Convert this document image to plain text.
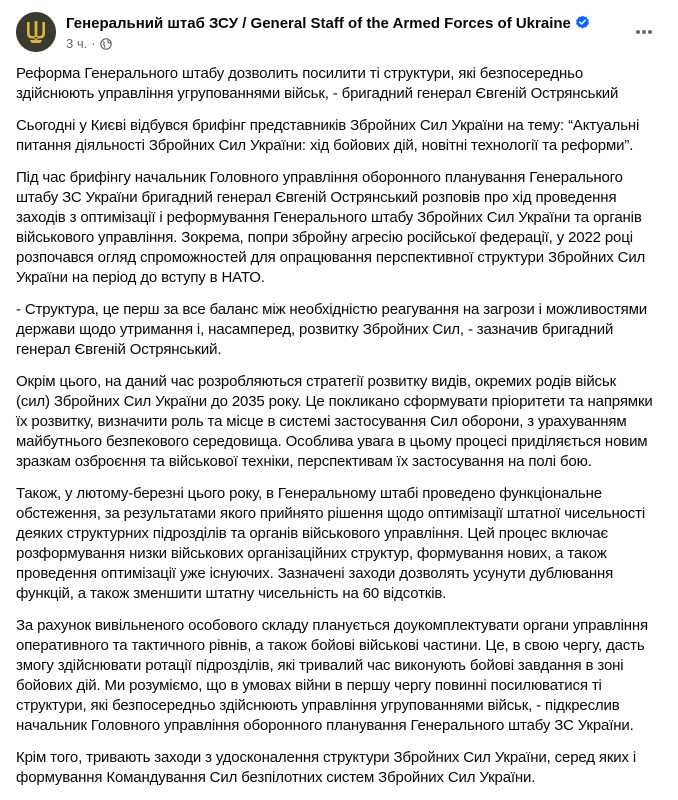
Генеральний штаб ЗСУ / General Staff of the Armed Forces of Ukraine
3 ч. ·

Реформа Генерального штабу дозволить посилити ті структури, які безпосередньо
здійснюють управління угрупованнями військ, - бригадний генерал Євгеній Острянський

Сьогодні у Києві відбувся брифінг представників Збройних Сил України на тему: “Актуальні
питання діяльності Збройних Сил України: хід бойових дій, новітні технології та реформи”.

Під час брифінгу начальник Головного управління оборонного планування Генерального
штабу ЗС України бригадний генерал Євгеній Острянський розповів про хід проведення
заходів з оптимізації і реформування Генерального штабу Збройних Сил України та органів
військового управління. Зокрема, попри збройну агресію російської федерації, у 2022 році
розпочався огляд спроможностей для опрацювання перспективної структури Збройних Сил
України на період до вступу в НАТО.

- Структура, це перш за все баланс між необхідністю реагування на загрози і можливостями
держави щодо утримання і, насамперед, розвитку Збройних Сил, - зазначив бригадний
генерал Євгеній Острянський.

Окрім цього, на даний час розробляються стратегії розвитку видів, окремих родів військ
(сил) Збройних Сил України до 2035 року. Це покликано сформувати пріоритети та напрямки
їх розвитку, визначити роль та місце в системі застосування Сил оборони, з урахуванням
майбутнього безпекового середовища. Особлива увага в цьому процесі приділяється новим
зразкам озброєння та військової техніки, перспективам їх застосування на полі бою.

Також, у лютому-березні цього року, в Генеральному штабі проведено функціональне
обстеження, за результатами якого прийнято рішення щодо оптимізації штатної чисельності
деяких структурних підрозділів та органів військового управління. Цей процес включає
розформування низки військових організаційних структур, формування нових, а також
проведення оптимізації уже існуючих. Зазначені заходи дозволять усунути дублювання
функцій, а також зменшити штатну чисельність на 60 відсотків.

За рахунок вивільненого особового складу планується доукомплектувати органи управління
оперативного та тактичного рівнів, а також бойові військові частини. Це, в свою чергу, дасть
змогу здійснювати ротації підрозділів, які тривалий час виконують бойові завдання в зоні
бойових дій. Ми розуміємо, що в умовах війни в першу чергу повинні посилюватися ті
структури, які безпосередньо здійснюють управління угрупованнями військ, - підкреслив
начальник Головного управління оборонного планування Генерального штабу ЗС України.

Крім того, тривають заходи з удосконалення структури Збройних Сил України, серед яких і
формування Командування Сил безпілотних систем Збройних Сил України.
